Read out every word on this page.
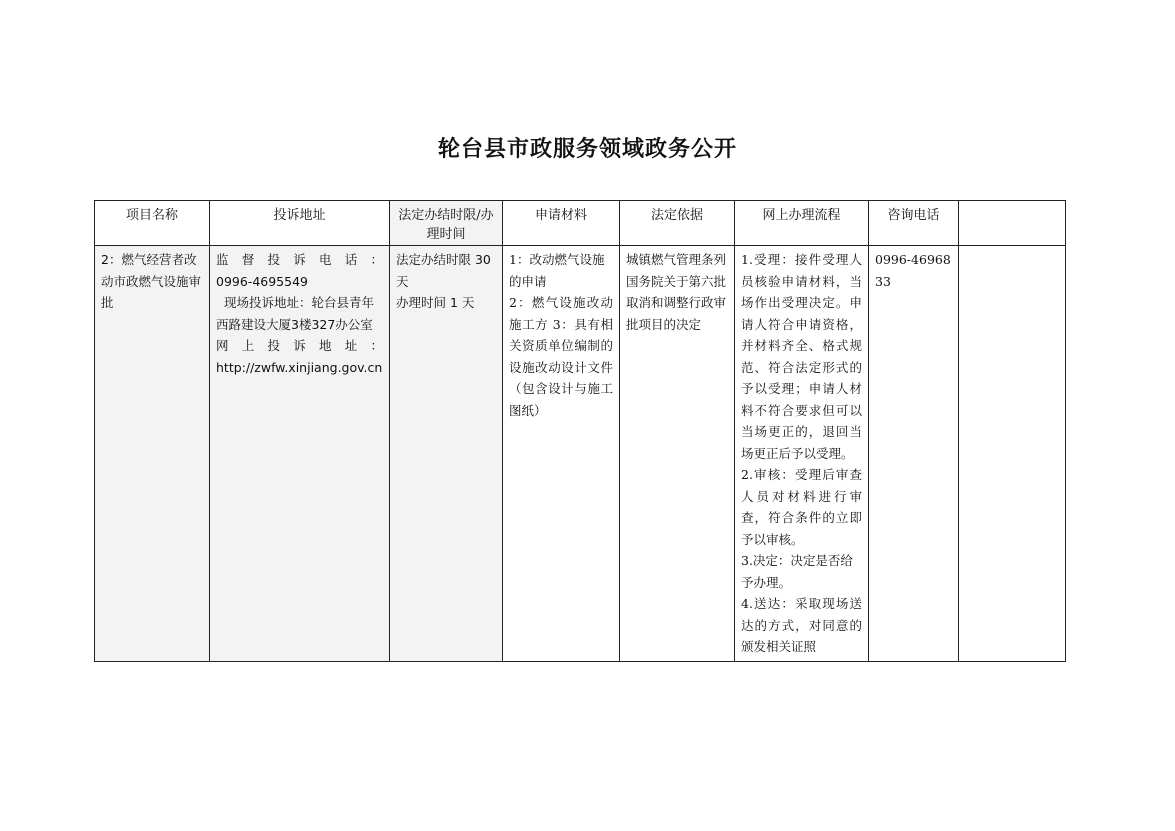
轮台县市政服务领域政务公开
项目名称	投诉地址	法定办结时限/办理时间	申请材料	法定依据	网上办理流程	咨询电话	
2：燃气经营者改动市政燃气设施审批	监督投诉电话：
0996-4695549
现场投诉地址：轮台县青年西路建设大厦3楼327办公室
网上投诉地址：
http://zwfw.xinjiang.gov.cn	法定办结时限 30 天
办理时间 1 天	1：改动燃气设施的申请
2：燃气设施改动施工方 3：具有相关资质单位编制的设施改动设计文件（包含设计与施工图纸）	城镇燃气管理条列国务院关于第六批取消和调整行政审批项目的决定	1.受理：接件受理人员核验申请材料，当场作出受理决定。申请人符合申请资格，并材料齐全、格式规范、符合法定形式的予以受理；申请人材料不符合要求但可以当场更正的，退回当场更正后予以受理。
2.审核：受理后审查人员对材料进行审查，符合条件的立即予以审核。
3.决定：决定是否给予办理。
4.送达：采取现场送达的方式，对同意的颁发相关证照	0996-4696833	
